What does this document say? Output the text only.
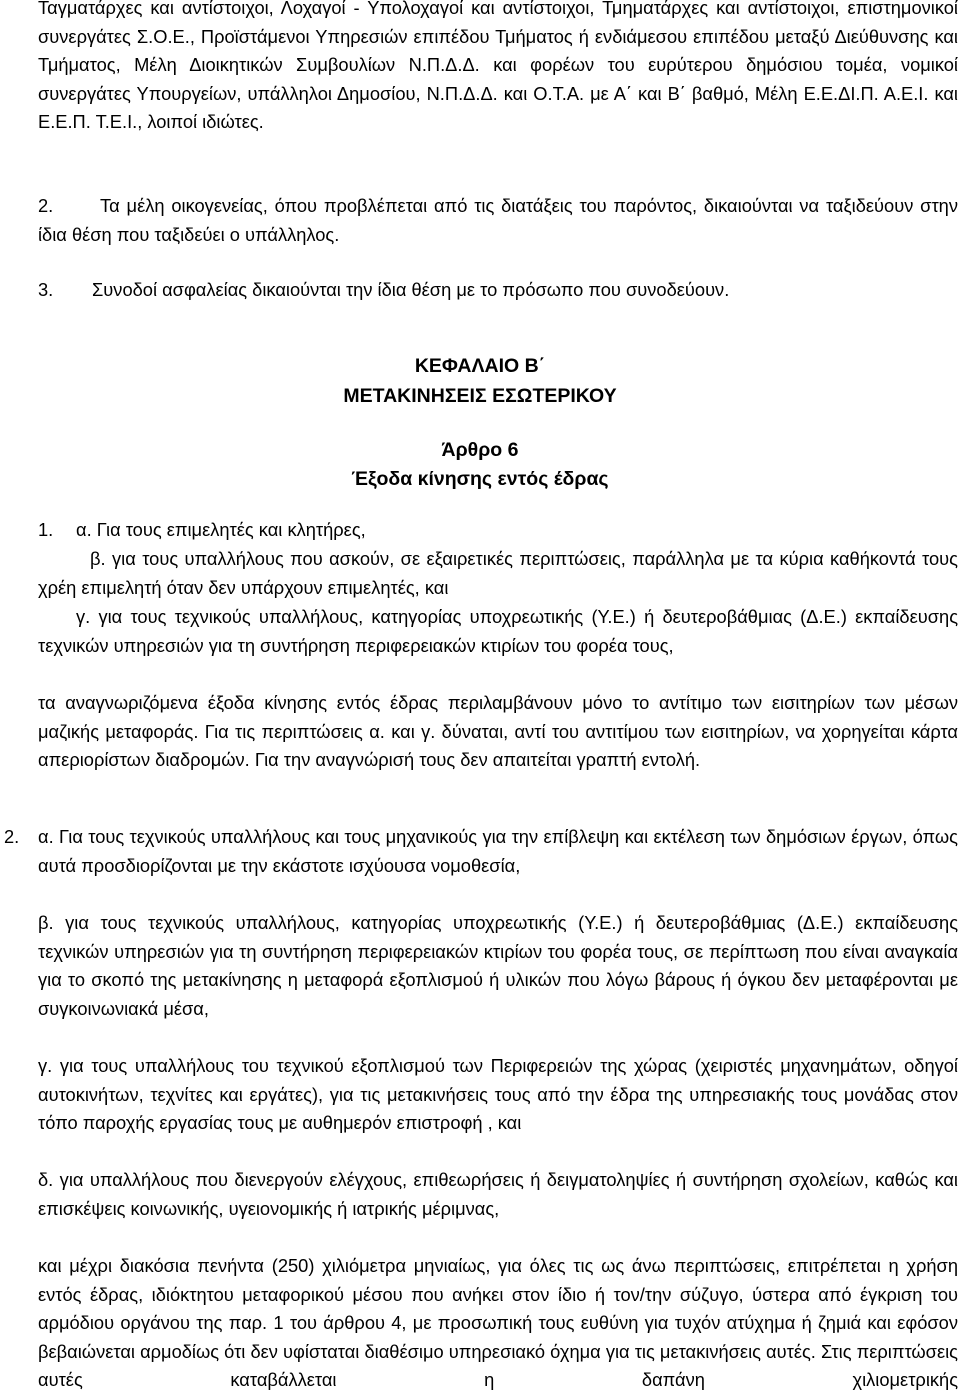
Ταγματάρχες και αντίστοιχοι, Λοχαγοί - Υπολοχαγοί και αντίστοιχοι, Τμηματάρχες και αντίστοιχοι, επιστημονικοί συνεργάτες Σ.Ο.Ε., Προϊστάμενοι Υπηρεσιών επιπέδου Τμήματος ή ενδιάμεσου επιπέδου μεταξύ Διεύθυνσης και Τμήματος, Μέλη Διοικητικών Συμβουλίων Ν.Π.Δ.Δ. και φορέων του ευρύτερου δημόσιου τομέα, νομικοί συνεργάτες Υπουργείων, υπάλληλοι Δημοσίου, Ν.Π.Δ.Δ. και Ο.Τ.Α. με Α΄ και Β΄ βαθμό, Μέλη Ε.Ε.ΔΙ.Π. Α.Ε.Ι. και Ε.Ε.Π. Τ.Ε.Ι., λοιποί ιδιώτες.

2.	Τα μέλη οικογενείας, όπου προβλέπεται από τις διατάξεις του παρόντος, δικαιούνται να ταξιδεύουν στην ίδια θέση που ταξιδεύει ο υπάλληλος.

3.	Συνοδοί ασφαλείας δικαιούνται την ίδια θέση με το πρόσωπο που συνοδεύουν.

ΚΕΦΑΛΑΙΟ Β΄

ΜΕΤΑΚΙΝΗΣΕΙΣ ΕΣΩΤΕΡΙΚΟΥ

Άρθρο 6

Έξοδα κίνησης εντός έδρας

1.	α. Για τους επιμελητές και κλητήρες,

β. για τους υπαλλήλους που ασκούν, σε εξαιρετικές περιπτώσεις, παράλληλα με τα κύρια καθήκοντά τους χρέη επιμελητή όταν δεν υπάρχουν επιμελητές, και

γ. για τους τεχνικούς υπαλλήλους, κατηγορίας υποχρεωτικής (Υ.Ε.) ή δευτεροβάθμιας (Δ.Ε.) εκπαίδευσης τεχνικών υπηρεσιών για τη συντήρηση περιφερειακών κτιρίων του φορέα τους,

τα αναγνωριζόμενα έξοδα κίνησης εντός έδρας περιλαμβάνουν μόνο το αντίτιμο των εισιτηρίων των μέσων μαζικής μεταφοράς. Για τις περιπτώσεις α. και γ. δύναται, αντί του αντιτίμου των εισιτηρίων, να χορηγείται κάρτα απεριορίστων διαδρομών. Για την αναγνώρισή τους δεν απαιτείται γραπτή εντολή.

2.	α. Για τους τεχνικούς υπαλλήλους και τους μηχανικούς για την επίβλεψη και εκτέλεση των δημόσιων έργων, όπως αυτά προσδιορίζονται με την εκάστοτε ισχύουσα νομοθεσία,

β. για τους τεχνικούς υπαλλήλους, κατηγορίας υποχρεωτικής (Υ.Ε.) ή δευτεροβάθμιας (Δ.Ε.) εκπαίδευσης τεχνικών υπηρεσιών για τη συντήρηση περιφερειακών κτιρίων του φορέα τους, σε περίπτωση που είναι αναγκαία για το σκοπό της μετακίνησης η μεταφορά εξοπλισμού ή υλικών που λόγω βάρους ή όγκου δεν μεταφέρονται με συγκοινωνιακά μέσα,

γ. για τους υπαλλήλους του τεχνικού εξοπλισμού των Περιφερειών της χώρας (χειριστές μηχανημάτων, οδηγοί αυτοκινήτων, τεχνίτες και εργάτες), για τις μετακινήσεις τους από την έδρα της υπηρεσιακής τους μονάδας στον τόπο παροχής εργασίας τους με αυθημερόν επιστροφή , και

δ. για υπαλλήλους που διενεργούν ελέγχους, επιθεωρήσεις ή δειγματοληψίες ή συντήρηση σχολείων, καθώς και επισκέψεις κοινωνικής, υγειονομικής ή ιατρικής μέριμνας,

και μέχρι διακόσια πενήντα (250) χιλιόμετρα μηνιαίως, για όλες τις ως άνω περιπτώσεις, επιτρέπεται η χρήση εντός έδρας, ιδιόκτητου μεταφορικού μέσου που ανήκει στον ίδιο ή τον/την σύζυγο, ύστερα από έγκριση του αρμόδιου οργάνου της παρ. 1 του άρθρου 4, με προσωπική τους ευθύνη για τυχόν ατύχημα ή ζημιά και εφόσον βεβαιώνεται αρμοδίως ότι δεν υφίσταται διαθέσιμο υπηρεσιακό όχημα για τις μετακινήσεις αυτές. Στις περιπτώσεις αυτές καταβάλλεται η δαπάνη χιλιομετρικής
